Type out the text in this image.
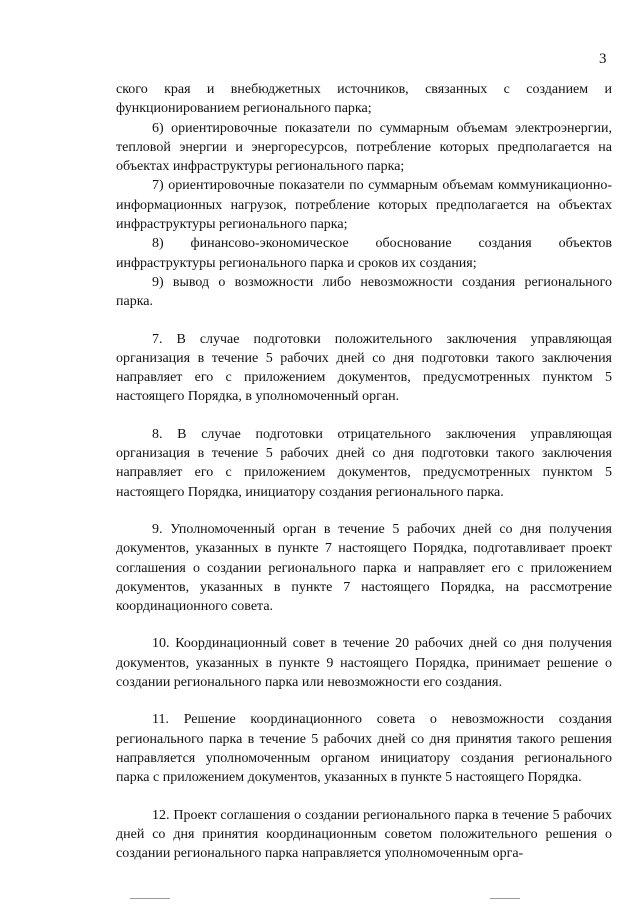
3

ского края и внебюджетных источников, связанных с созданием и функционированием регионального парка;

6) ориентировочные показатели по суммарным объемам электроэнергии, тепловой энергии и энергоресурсов, потребление которых предполагается на объектах инфраструктуры регионального парка;

7) ориентировочные показатели по суммарным объемам коммуникационно-информационных нагрузок, потребление которых предполагается на объектах инфраструктуры регионального парка;

8) финансово-экономическое обоснование создания объектов инфраструктуры регионального парка и сроков их создания;

9) вывод о возможности либо невозможности создания регионального парка.

7. В случае подготовки положительного заключения управляющая организация в течение 5 рабочих дней со дня подготовки такого заключения направляет его с приложением документов, предусмотренных пунктом 5 настоящего Порядка, в уполномоченный орган.

8. В случае подготовки отрицательного заключения управляющая организация в течение 5 рабочих дней со дня подготовки такого заключения направляет его с приложением документов, предусмотренных пунктом 5 настоящего Порядка, инициатору создания регионального парка.

9. Уполномоченный орган в течение 5 рабочих дней со дня получения документов, указанных в пункте 7 настоящего Порядка, подготавливает проект соглашения о создании регионального парка и направляет его с приложением документов, указанных в пункте 7 настоящего Порядка, на рассмотрение координационного совета.

10. Координационный совет в течение 20 рабочих дней со дня получения документов, указанных в пункте 9 настоящего Порядка, принимает решение о создании регионального парка или невозможности его создания.

11. Решение координационного совета о невозможности создания регионального парка в течение 5 рабочих дней со дня принятия такого решения направляется уполномоченным органом инициатору создания регионального парка с приложением документов, указанных в пункте 5 настоящего Порядка.

12. Проект соглашения о создании регионального парка в течение 5 рабочих дней со дня принятия координационным советом положительного решения о создании регионального парка направляется уполномоченным орга-
